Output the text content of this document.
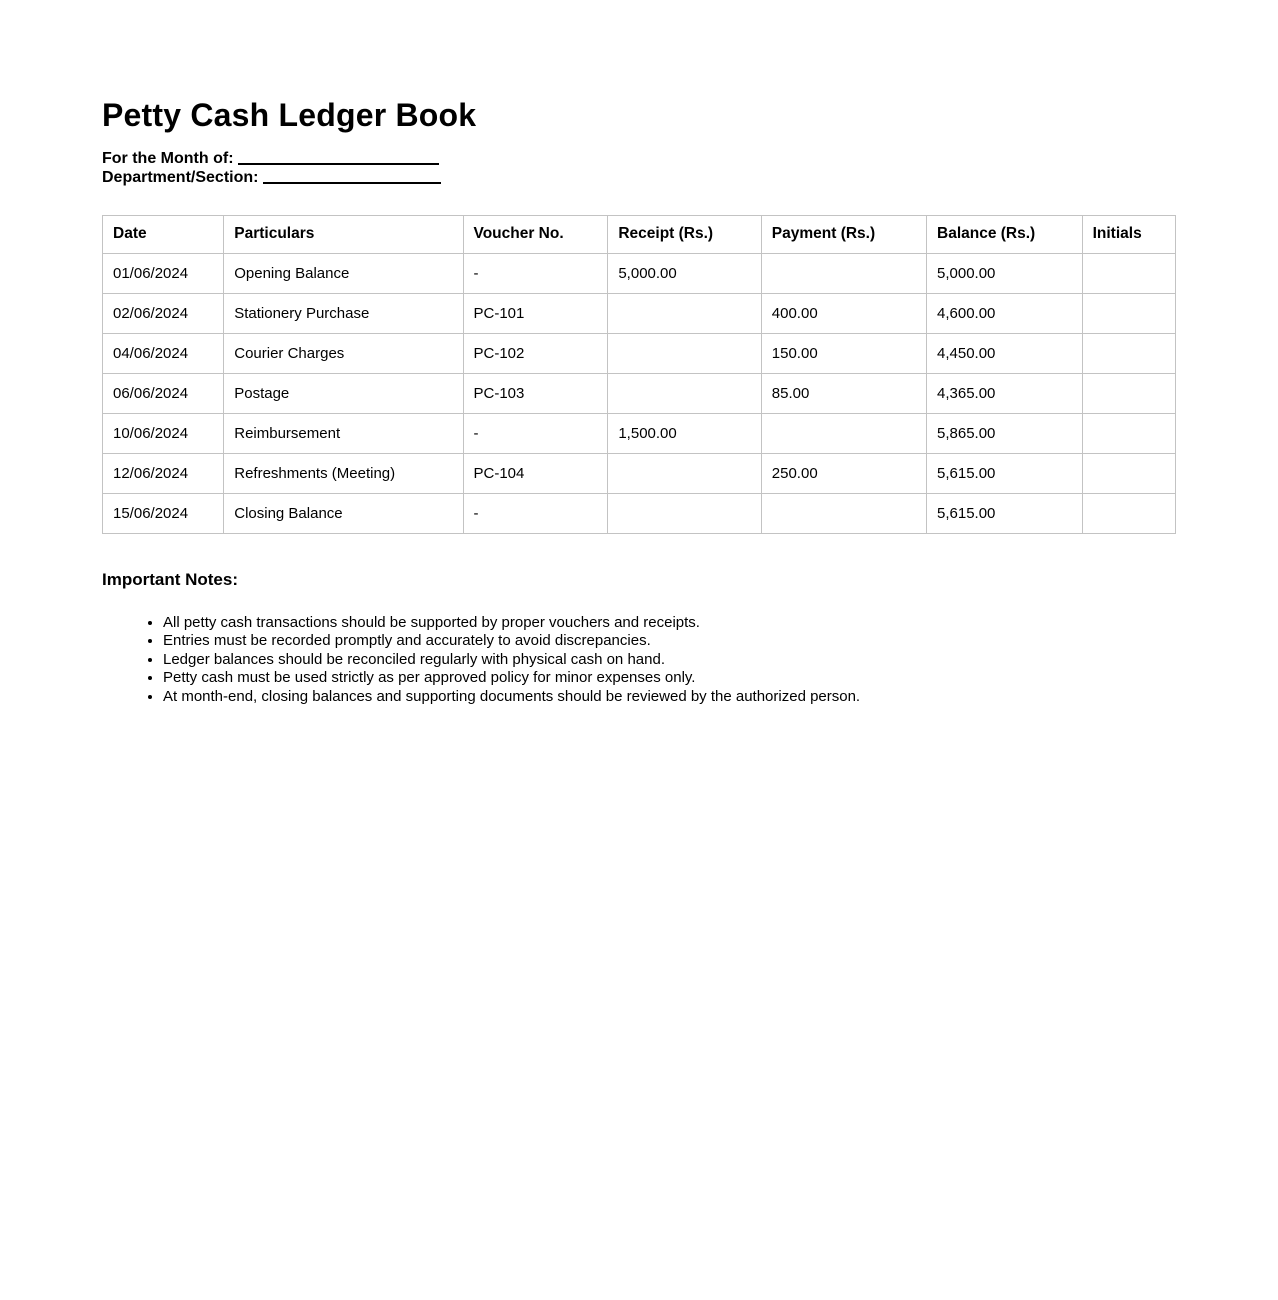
Petty Cash Ledger Book

For the Month of:

Department/Section:

Date	Particulars	Voucher No.	Receipt (Rs.)	Payment (Rs.)	Balance (Rs.)	Initials
01/06/2024	Opening Balance	-	5,000.00		5,000.00	
02/06/2024	Stationery Purchase	PC-101		400.00	4,600.00	
04/06/2024	Courier Charges	PC-102		150.00	4,450.00	
06/06/2024	Postage	PC-103		85.00	4,365.00	
10/06/2024	Reimbursement	-	1,500.00		5,865.00	
12/06/2024	Refreshments (Meeting)	PC-104		250.00	5,615.00	
15/06/2024	Closing Balance	-			5,615.00	

Important Notes:

• All petty cash transactions should be supported by proper vouchers and receipts.
• Entries must be recorded promptly and accurately to avoid discrepancies.
• Ledger balances should be reconciled regularly with physical cash on hand.
• Petty cash must be used strictly as per approved policy for minor expenses only.
• At month-end, closing balances and supporting documents should be reviewed by the authorized person.
